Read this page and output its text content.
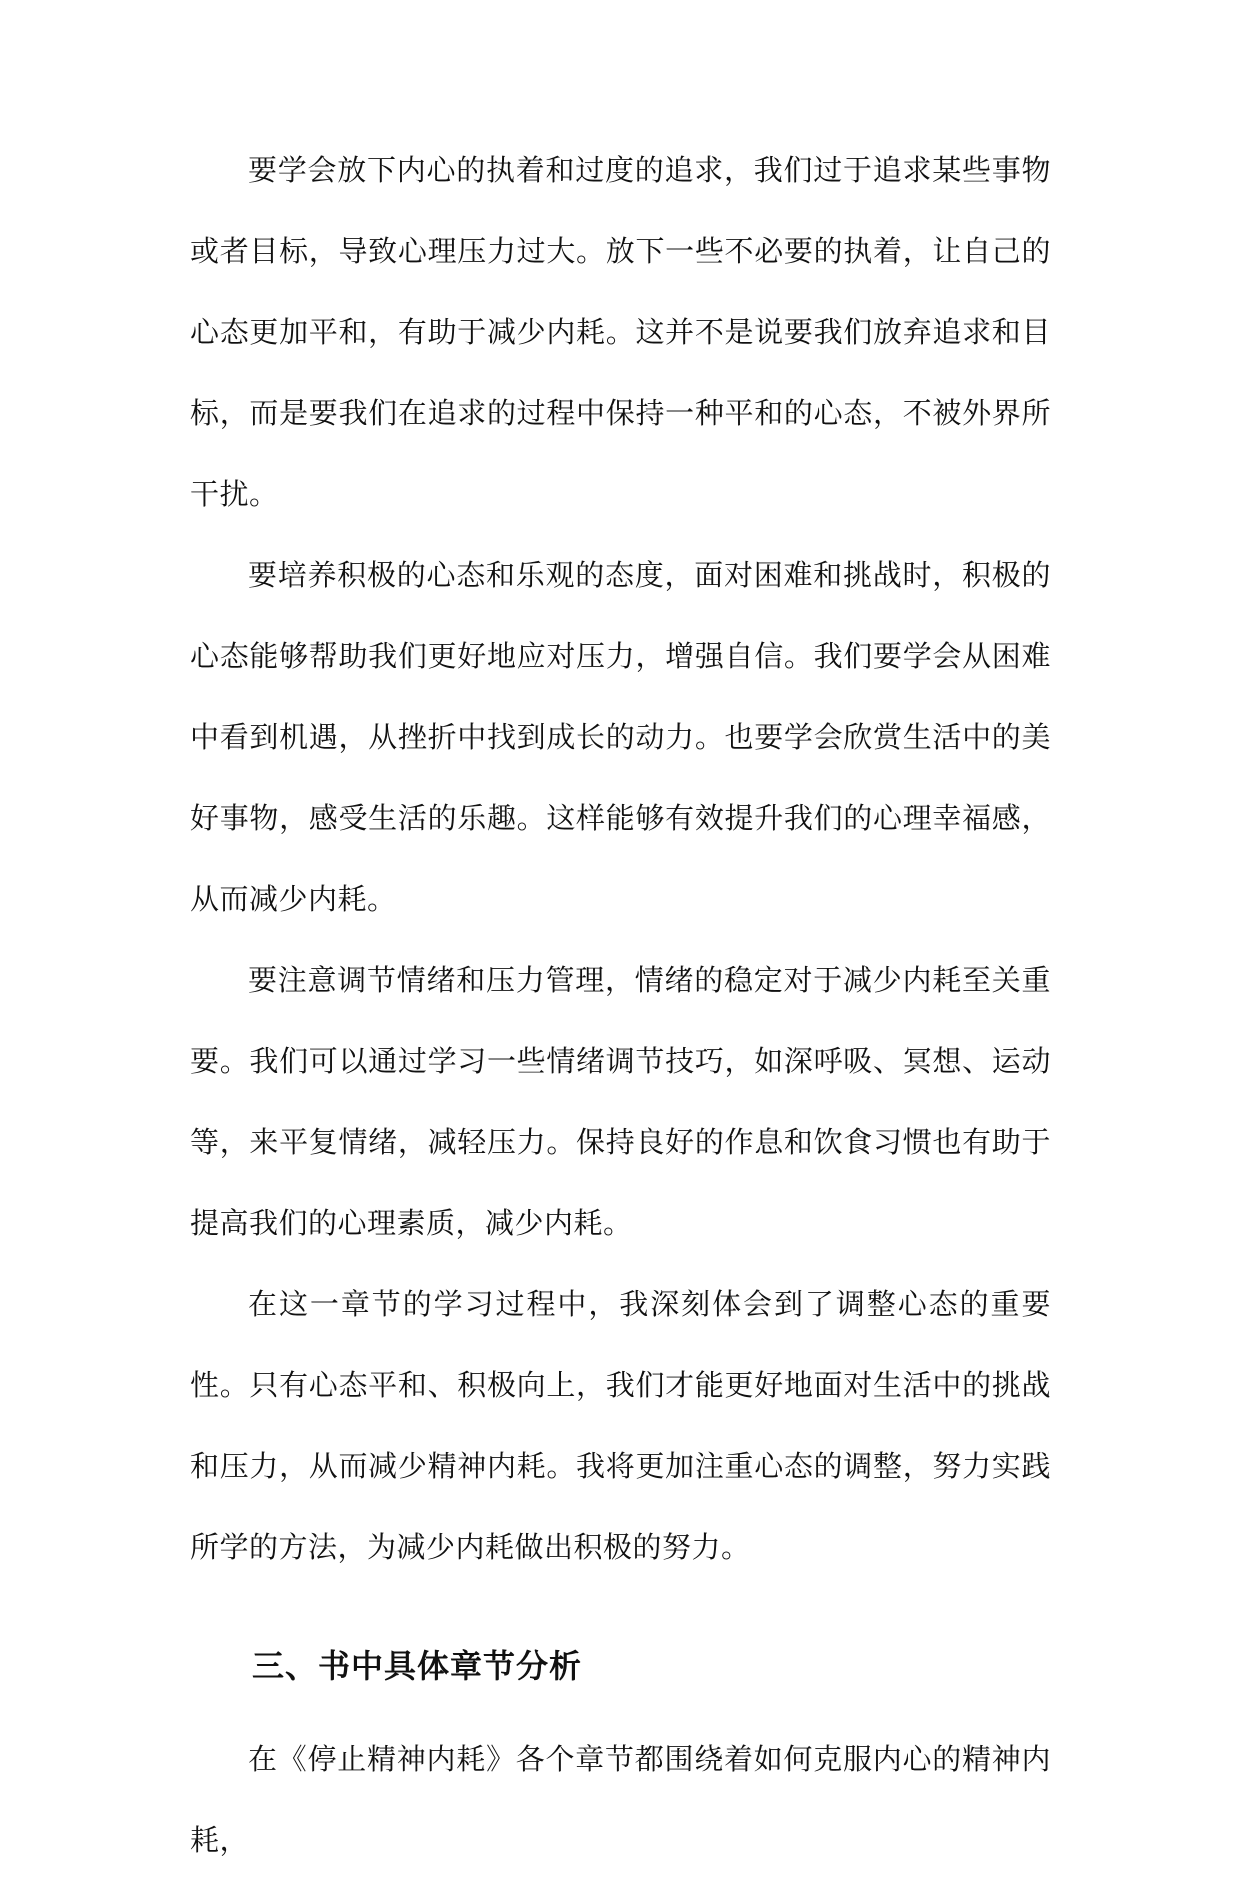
要学会放下内心的执着和过度的追求，我们过于追求某些事物或者目标，导致心理压力过大。放下一些不必要的执着，让自己的心态更加平和，有助于减少内耗。这并不是说要我们放弃追求和目标，而是要我们在追求的过程中保持一种平和的心态，不被外界所干扰。

要培养积极的心态和乐观的态度，面对困难和挑战时，积极的心态能够帮助我们更好地应对压力，增强自信。我们要学会从困难中看到机遇，从挫折中找到成长的动力。也要学会欣赏生活中的美好事物，感受生活的乐趣。这样能够有效提升我们的心理幸福感，从而减少内耗。

要注意调节情绪和压力管理，情绪的稳定对于减少内耗至关重要。我们可以通过学习一些情绪调节技巧，如深呼吸、冥想、运动等，来平复情绪，减轻压力。保持良好的作息和饮食习惯也有助于提高我们的心理素质，减少内耗。

在这一章节的学习过程中，我深刻体会到了调整心态的重要性。只有心态平和、积极向上，我们才能更好地面对生活中的挑战和压力，从而减少精神内耗。我将更加注重心态的调整，努力实践所学的方法，为减少内耗做出积极的努力。

三、书中具体章节分析

在《停止精神内耗》各个章节都围绕着如何克服内心的精神内耗，
